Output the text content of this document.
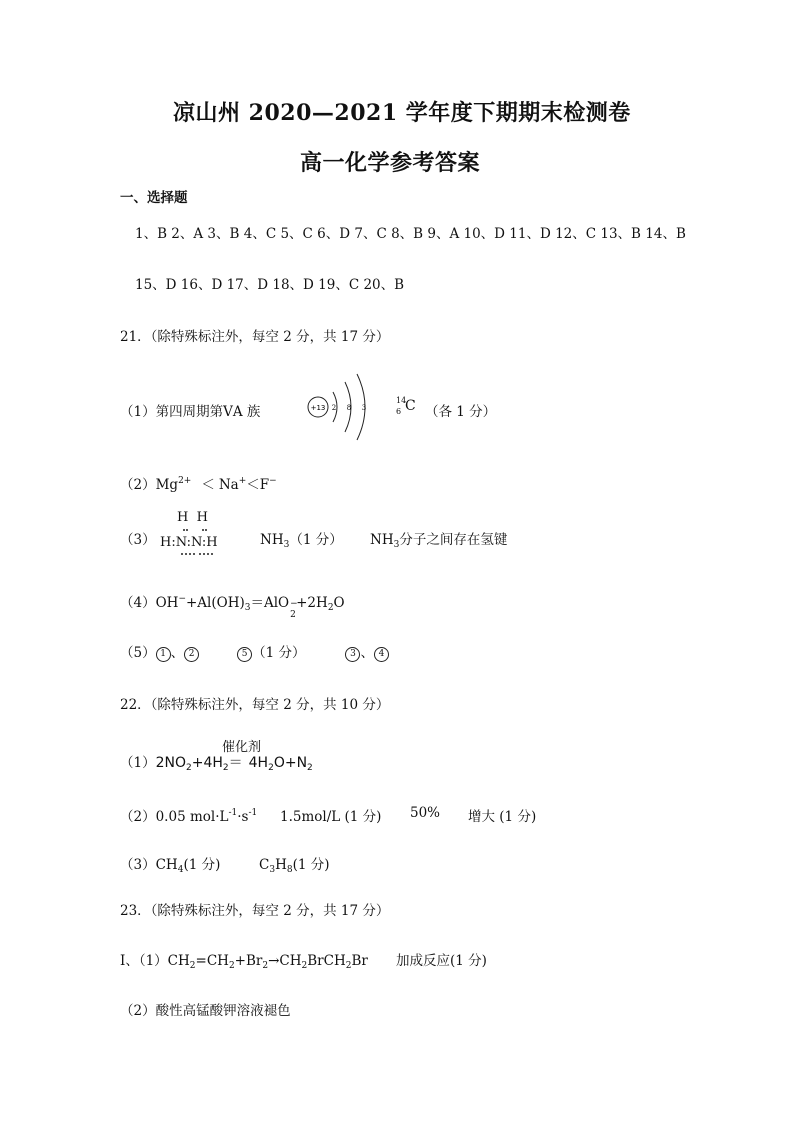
凉山州 2020—2021 学年度下期期末检测卷
高一化学参考答案
一、选择题
1、B 2、A 3、B 4、C 5、C 6、D 7、C 8、B 9、A 10、D 11、D 12、C 13、B 14、B
15、D 16、D 17、D 18、D 19、C 20、B
21．（除特殊标注外，每空 2 分，共 17 分）
（1）第四周期第ⅤA 族	+13 2 8 3
14
6 C （各 1 分）
$(2)Mg^{2+} < Na^+<F^-$
（3）
H  H
H:N:N:H	$NH_3(1$ 分） $NH_3$分子之间存在氢键
$(4)OH^-+Al(OH)_3=AlO$ −
2
$+2H_2O$
（5） 1 、 2	5 （1 分）	3 、 4
22．（除特殊标注外，每空 2 分，共 10 分）
催化剂
$(1)2NO_2+4H_2= 4H_2O+N_2$
（2）0.05 $mol\cdot L^{-1}\cdot s^{-1}$ 1.5mol/L (1 分) 50% 增大 (1 分)
$(3)CH_4(1$ 分)	$C_3H_8(1$ 分)
23．（除特殊标注外，每空 2 分，共 17 分）
Ⅰ、$(1)CH_2=CH_2+Br_2\to CH_2BrCH_2Br$ 加成反应(1 分)
（2）酸性高锰酸钾溶液褪色
